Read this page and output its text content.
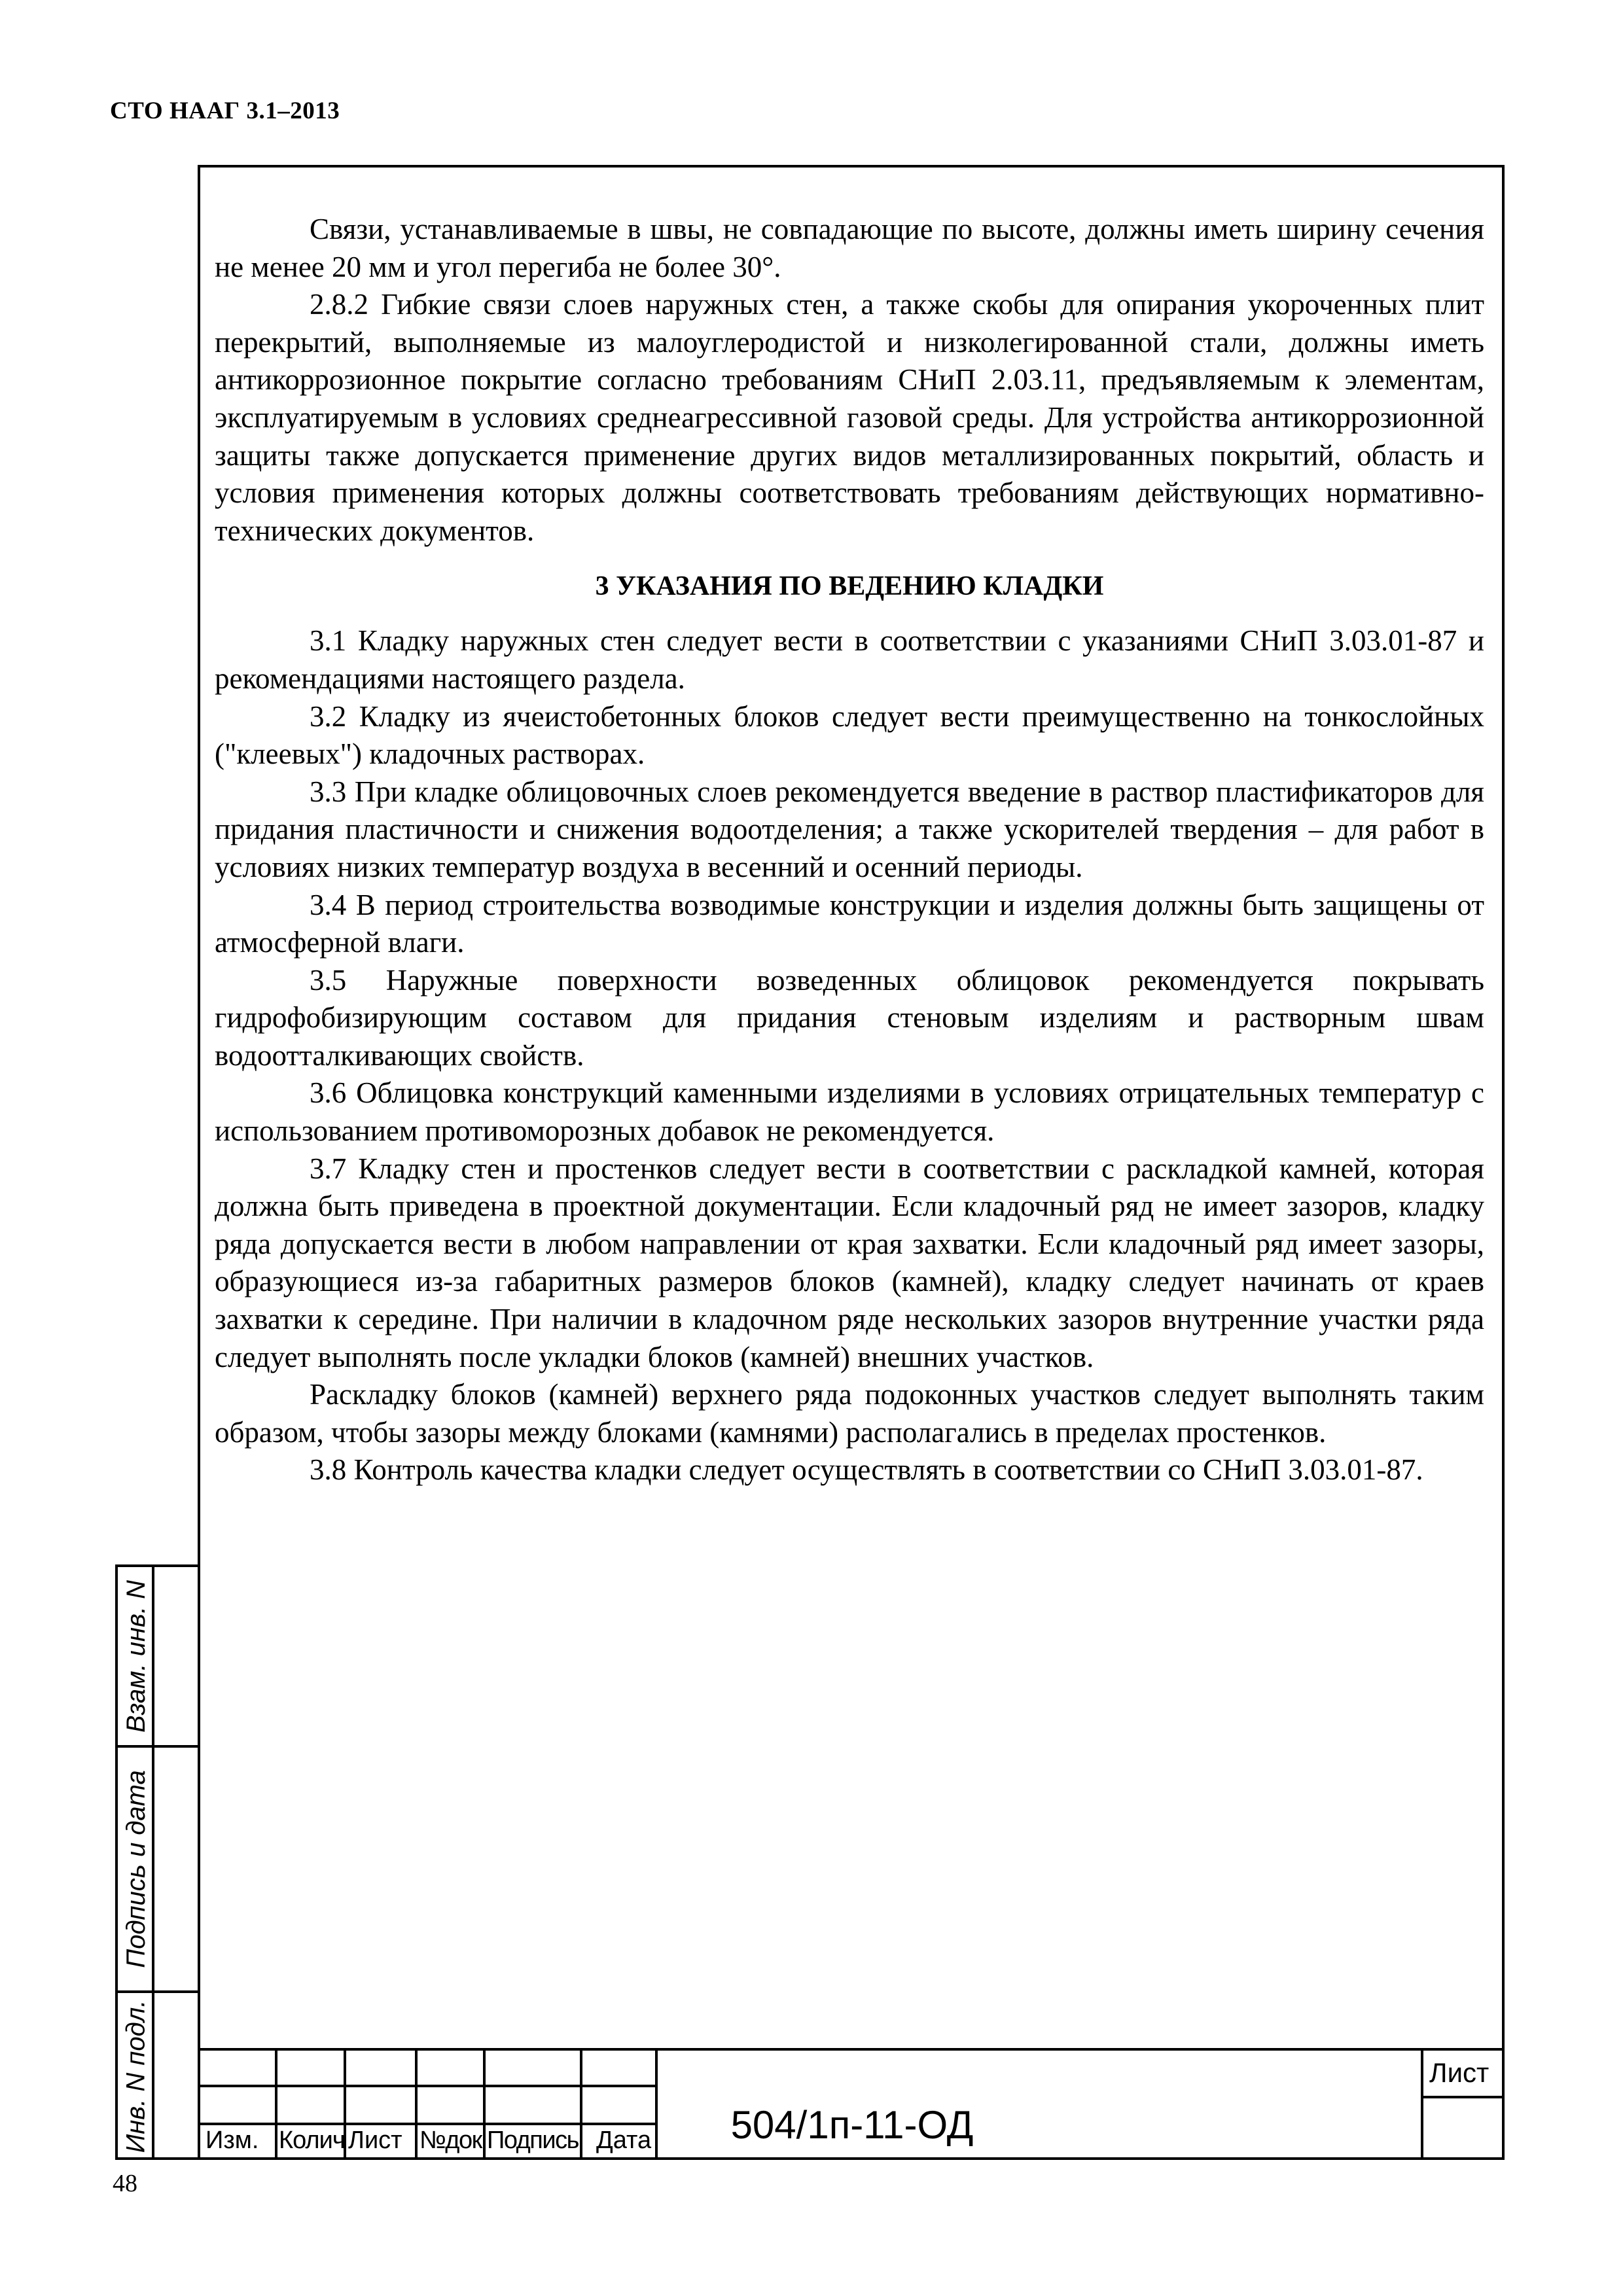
СТО НААГ 3.1–2013

Связи, устанавливаемые в швы, не совпадающие по высоте, должны иметь ширину сечения не менее 20 мм и угол перегиба не более 30°.

2.8.2 Гибкие связи слоев наружных стен, а также скобы для опирания укороченных плит перекрытий, выполняемые из малоуглеродистой и низколегированной стали, должны иметь антикоррозионное покрытие согласно требованиям СНиП 2.03.11, предъявляемым к элементам, эксплуатируемым в условиях среднеагрессивной газовой среды. Для устройства антикоррозионной защиты также допускается применение других видов металлизированных покрытий, область и условия применения которых должны соответствовать требованиям действующих нормативно-технических документов.

3 УКАЗАНИЯ ПО ВЕДЕНИЮ КЛАДКИ

3.1 Кладку наружных стен следует вести в соответствии с указаниями СНиП 3.03.01-87 и рекомендациями настоящего раздела.

3.2 Кладку из ячеистобетонных блоков следует вести преимущественно на тонкослойных ("клеевых") кладочных растворах.

3.3 При кладке облицовочных слоев рекомендуется введение в раствор пластификаторов для придания пластичности и снижения водоотделения; а также ускорителей твердения – для работ в условиях низких температур воздуха в весенний и осенний периоды.

3.4 В период строительства возводимые конструкции и изделия должны быть защищены от атмосферной влаги.

3.5 Наружные поверхности возведенных облицовок рекомендуется покрывать гидрофобизирующим составом для придания стеновым изделиям и растворным швам водоотталкивающих свойств.

3.6 Облицовка конструкций каменными изделиями в условиях отрицательных температур с использованием противоморозных добавок не рекомендуется.

3.7 Кладку стен и простенков следует вести в соответствии с раскладкой камней, которая должна быть приведена в проектной документации. Если кладочный ряд не имеет зазоров, кладку ряда допускается вести в любом направлении от края захватки. Если кладочный ряд имеет зазоры, образующиеся из-за габаритных размеров блоков (камней), кладку следует начинать от краев захватки к середине. При наличии в кладочном ряде нескольких зазоров внутренние участки ряда следует выполнять после укладки блоков (камней) внешних участков.

Раскладку блоков (камней) верхнего ряда подоконных участков следует выполнять таким образом, чтобы зазоры между блоками (камнями) располагались в пределах простенков.

3.8 Контроль качества кладки следует осуществлять в соответствии со СНиП 3.03.01-87.

Взам. инв. N
Подпись и дата
Инв. N подл. Изм. Колич Лист №док Подпись Дата 504/1п-11-ОД
Лист
48
